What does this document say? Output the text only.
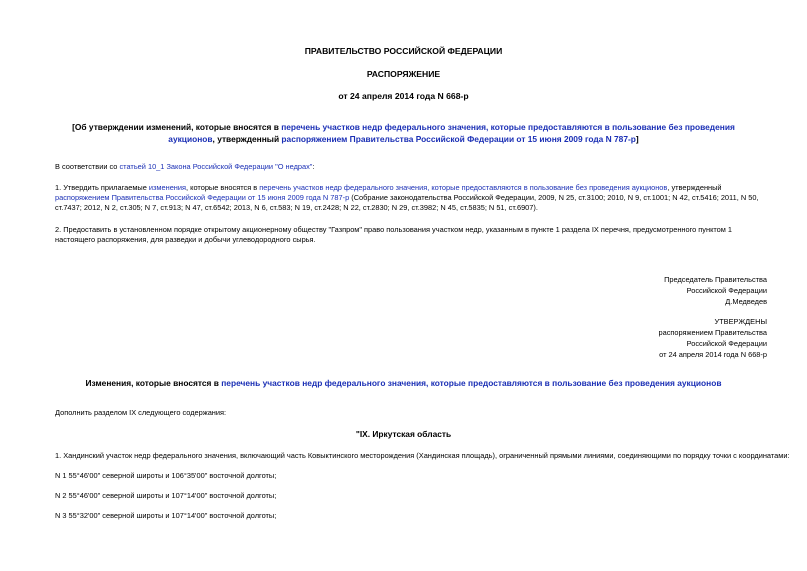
ПРАВИТЕЛЬСТВО РОССИЙСКОЙ ФЕДЕРАЦИИ
РАСПОРЯЖЕНИЕ
от 24 апреля 2014 года N 668-р
[Об утверждении изменений, которые вносятся в перечень участков недр федерального значения, которые предоставляются в пользование без проведения аукционов, утвержденный распоряжением Правительства Российской Федерации от 15 июня 2009 года N 787-р]
В соответствии со статьей 10_1 Закона Российской Федерации "О недрах":
1. Утвердить прилагаемые изменения, которые вносятся в перечень участков недр федерального значения, которые предоставляются в пользование без проведения аукционов, утвержденный распоряжением Правительства Российской Федерации от 15 июня 2009 года N 787-р (Собрание законодательства Российской Федерации, 2009, N 25, ст.3100; 2010, N 9, ст.1001; N 42, ст.5416; 2011, N 50, ст.7437; 2012, N 2, ст.305; N 7, ст.913; N 47, ст.6542; 2013, N 6, ст.583; N 19, ст.2428; N 22, ст.2830; N 29, ст.3982; N 45, ст.5835; N 51, ст.6907).
2. Предоставить в установленном порядке открытому акционерному обществу "Газпром" право пользования участком недр, указанным в пункте 1 раздела IX перечня, предусмотренного пунктом 1 настоящего распоряжения, для разведки и добычи углеводородного сырья.
Председатель Правительства
Российской Федерации
Д.Медведев
УТВЕРЖДЕНЫ
распоряжением Правительства
Российской Федерации
от 24 апреля 2014 года N 668-р
Изменения, которые вносятся в перечень участков недр федерального значения, которые предоставляются в пользование без проведения аукционов
Дополнить разделом IX следующего содержания:
"IX. Иркутская область
1. Хандинский участок недр федерального значения, включающий часть Ковыктинского месторождения (Хандинская площадь), ограниченный прямыми линиями, соединяющими по порядку точки с координатами:
N 1 55°46'00" северной широты и 106°35'00" восточной долготы;
N 2 55°46'00" северной широты и 107°14'00" восточной долготы;
N 3 55°32'00" северной широты и 107°14'00" восточной долготы;
